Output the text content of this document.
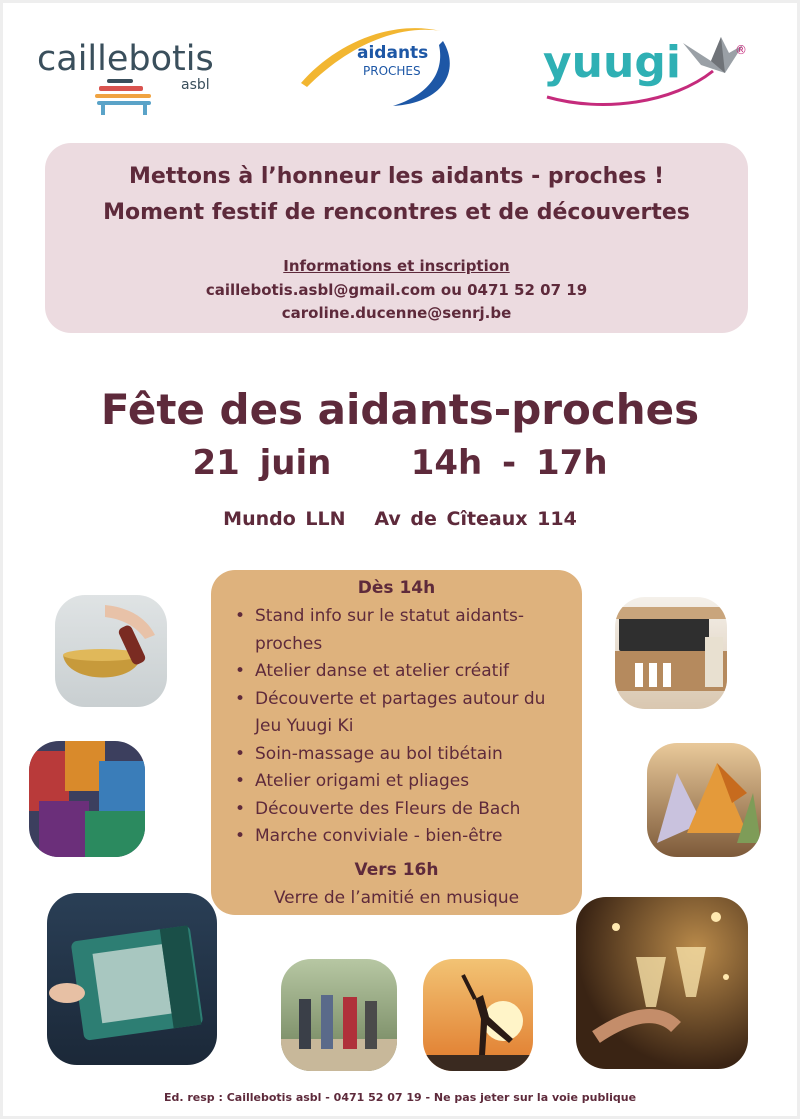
caillebotis
asbl
aidants
PROCHES	yuugi	®
Mettons à l’honneur les aidants - proches !
Moment festif de rencontres et de découvertes
Informations et inscription
caillebotis.asbl@gmail.com ou 0471 52 07 19
caroline.ducenne@senrj.be
Fête des aidants-proches
21 juin 14h - 17h
Mundo LLN Av de Cîteaux 114
Dès 14h
• Stand info sur le statut aidants-proches
• Atelier danse et atelier créatif
• Découverte et partages autour du Jeu Yuugi Ki
• Soin-massage au bol tibétain
• Atelier origami et pliages
• Découverte des Fleurs de Bach
• Marche conviviale - bien-être
Vers 16h
Verre de l’amitié en musique
Ed. resp : Caillebotis asbl - 0471 52 07 19 - Ne pas jeter sur la voie publique
